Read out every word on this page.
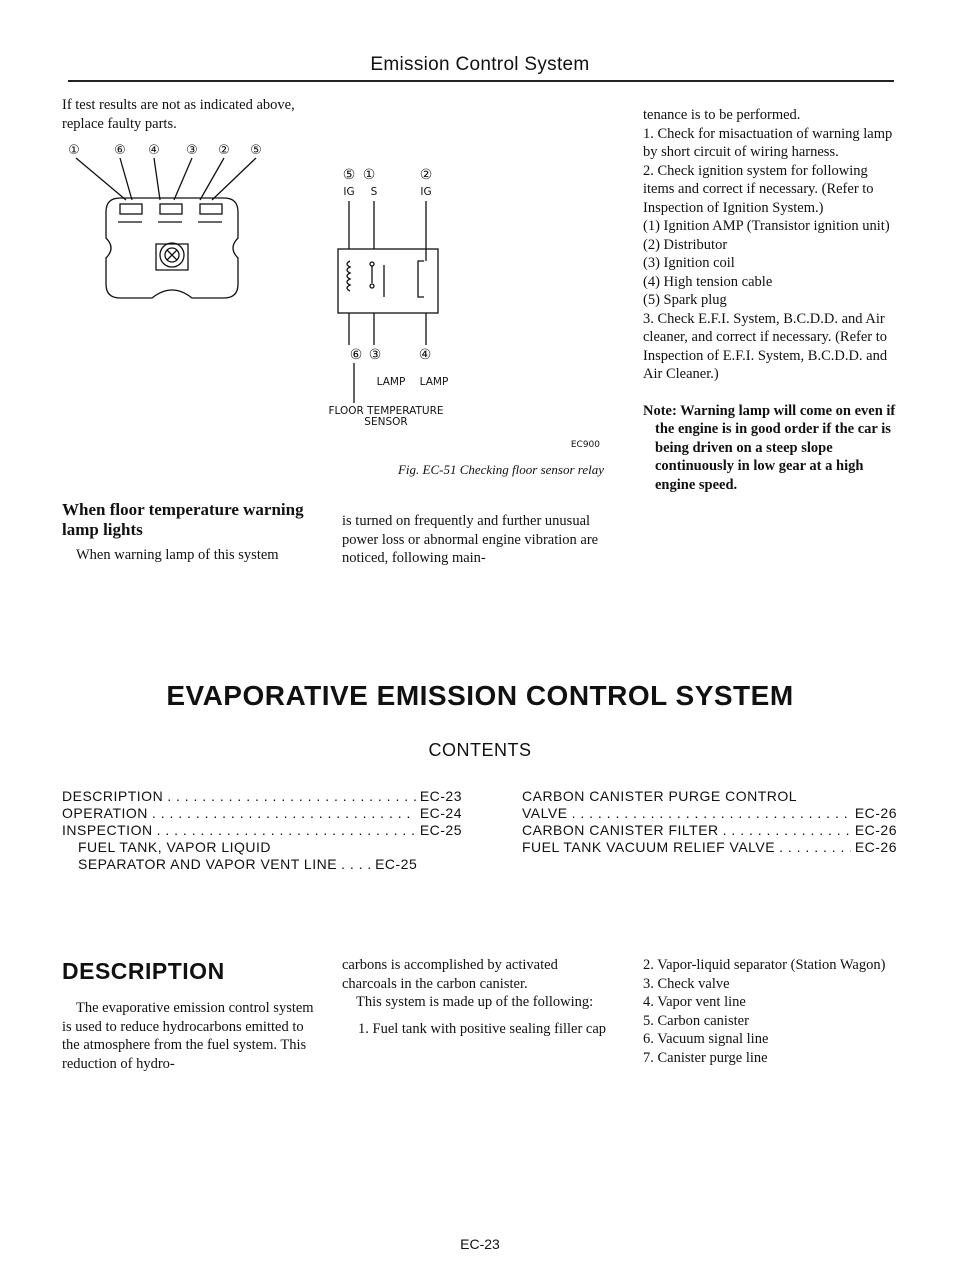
Emission Control System

If test results are not as indicated above, replace faulty parts.

①	⑥ ④ ③ ② ⑤
When floor temperature warning lamp lights
When warning lamp of this system
⑤ ①	②
IG S	IG
⑥ ③	④
LAMP LAMP
FLOOR TEMPERATURE
SENSOR
EC900
Fig. EC-51 Checking floor sensor relay
is turned on frequently and further unusual power loss or abnormal engine vibration are noticed, following main-

tenance is to be performed.

1. Check for misactuation of warning lamp by short circuit of wiring harness.
2. Check ignition system for following items and correct if necessary. (Refer to Inspection of Ignition System.)
(1) Ignition AMP (Transistor ignition unit)
(2) Distributor
(3) Ignition coil
(4) High tension cable
(5) Spark plug
3. Check E.F.I. System, B.C.D.D. and Air cleaner, and correct if necessary. (Refer to Inspection of E.F.I. System, B.C.D.D. and Air Cleaner.)

Note: Warning lamp will come on even if the engine is in good order if the car is being driven on a steep slope continuously in low gear at a high engine speed.

EVAPORATIVE EMISSION CONTROL SYSTEM
CONTENTS
DESCRIPTION . . .	EC-23
OPERATION . . .	EC-24
INSPECTION . . .	EC-25
FUEL TANK, VAPOR LIQUID
SEPARATOR AND VAPOR VENT LINE . . .	EC-25
CARBON CANISTER PURGE CONTROL
VALVE . . .	EC-26
CARBON CANISTER FILTER . . .	EC-26
FUEL TANK VACUUM RELIEF VALVE . . .	EC-26
DESCRIPTION
The evaporative emission control system is used to reduce hydrocarbons emitted to the atmosphere from the fuel system. This reduction of hydro-

carbons is accomplished by activated charcoals in the carbon canister.

This system is made up of the following:

1. Fuel tank with positive sealing filler cap
2. Vapor-liquid separator (Station Wagon)
3. Check valve
4. Vapor vent line
5. Carbon canister
6. Vacuum signal line
7. Canister purge line
EC-23
